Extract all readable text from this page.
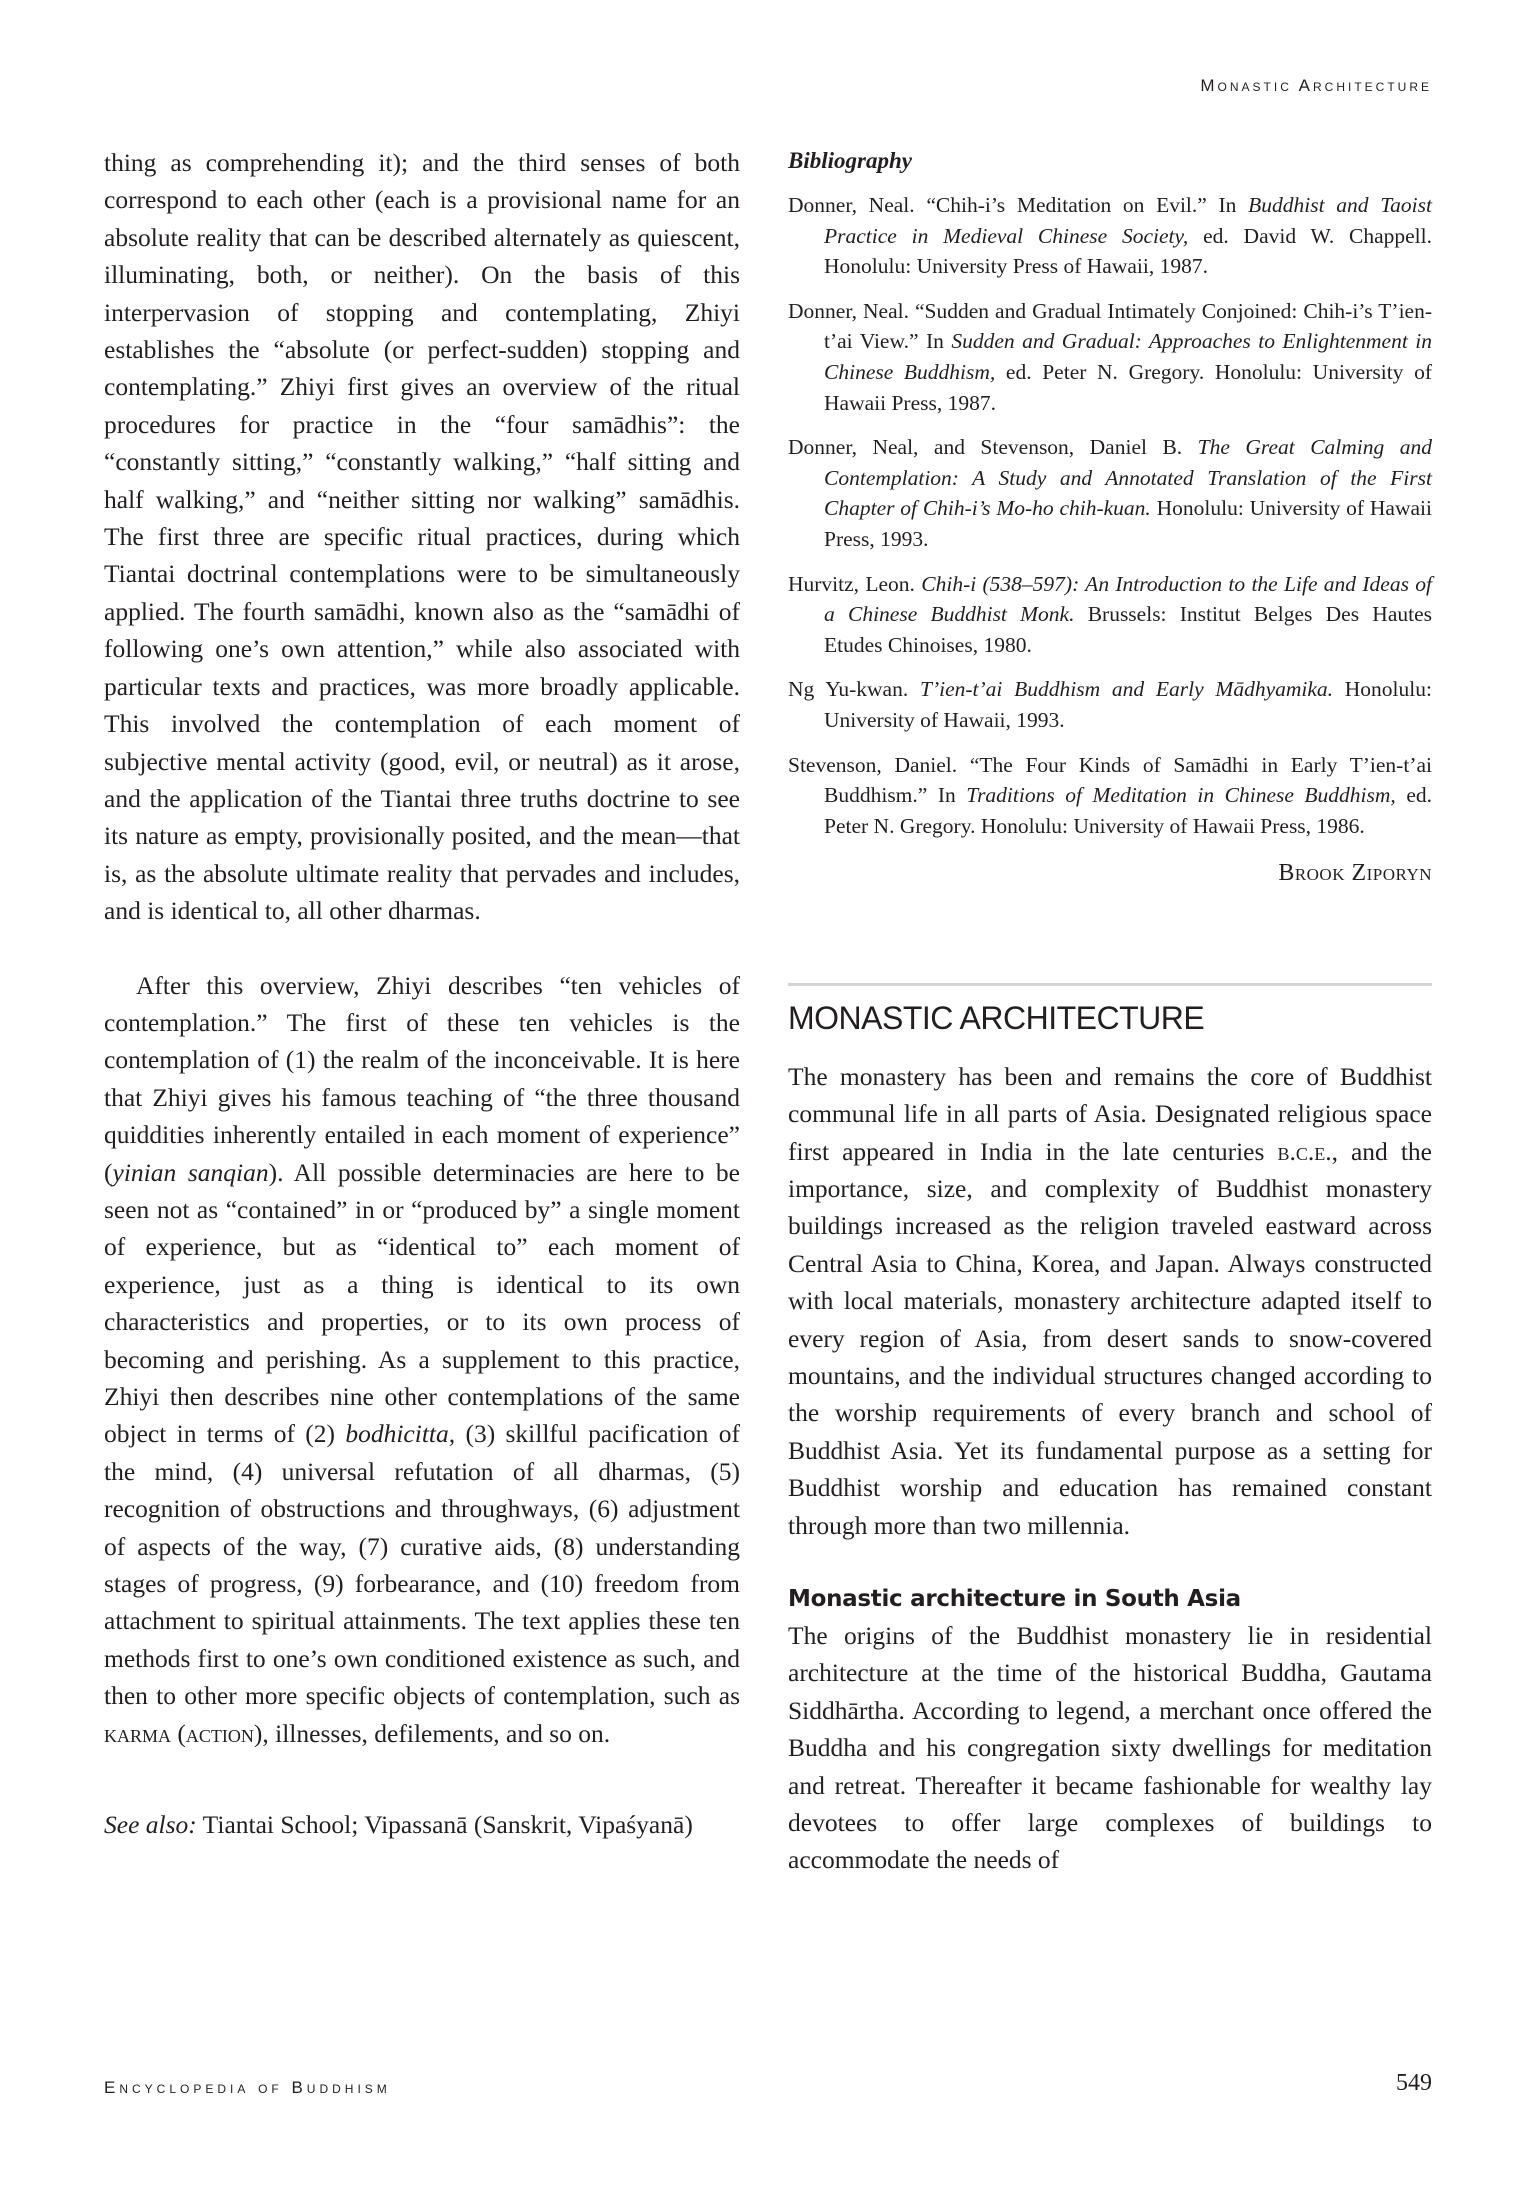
Monastic Architecture

thing as comprehending it); and the third senses of both correspond to each other (each is a provisional name for an absolute reality that can be described alternately as quiescent, illuminating, both, or neither). On the basis of this interpervasion of stopping and contemplating, Zhiyi establishes the “absolute (or perfect-sudden) stopping and contemplating.” Zhiyi first gives an overview of the ritual procedures for practice in the “four samādhis”: the “constantly sitting,” “constantly walking,” “half sitting and half walking,” and “neither sitting nor walking” samādhis. The first three are specific ritual practices, during which Tiantai doctrinal contemplations were to be simultaneously applied. The fourth samādhi, known also as the “samādhi of following one’s own attention,” while also associated with particular texts and practices, was more broadly applicable. This involved the contemplation of each moment of subjective mental activity (good, evil, or neutral) as it arose, and the application of the Tiantai three truths doctrine to see its nature as empty, provisionally posited, and the mean—that is, as the absolute ultimate reality that pervades and includes, and is identical to, all other dharmas.

After this overview, Zhiyi describes “ten vehicles of contemplation.” The first of these ten vehicles is the contemplation of (1) the realm of the inconceivable. It is here that Zhiyi gives his famous teaching of “the three thousand quiddities inherently entailed in each moment of experience” (yinian sanqian). All possible determinacies are here to be seen not as “contained” in or “produced by” a single moment of experience, but as “identical to” each moment of experience, just as a thing is identical to its own characteristics and properties, or to its own process of becoming and perishing. As a supplement to this practice, Zhiyi then describes nine other contemplations of the same object in terms of (2) bodhicitta, (3) skillful pacification of the mind, (4) universal refutation of all dharmas, (5) recognition of obstructions and throughways, (6) adjustment of aspects of the way, (7) curative aids, (8) understanding stages of progress, (9) forbearance, and (10) freedom from attachment to spiritual attainments. The text applies these ten methods first to one’s own conditioned existence as such, and then to other more specific objects of contemplation, such as karma (action), illnesses, defilements, and so on.

See also: Tiantai School; Vipassanā (Sanskrit, Vipaśyanā)

Bibliography

Donner, Neal. “Chih-i’s Meditation on Evil.” In Buddhist and Taoist Practice in Medieval Chinese Society, ed. David W. Chappell. Honolulu: University Press of Hawaii, 1987.

Donner, Neal. “Sudden and Gradual Intimately Conjoined: Chih-i’s T’ien-t’ai View.” In Sudden and Gradual: Approaches to Enlightenment in Chinese Buddhism, ed. Peter N. Gregory. Honolulu: University of Hawaii Press, 1987.

Donner, Neal, and Stevenson, Daniel B. The Great Calming and Contemplation: A Study and Annotated Translation of the First Chapter of Chih-i’s Mo-ho chih-kuan. Honolulu: University of Hawaii Press, 1993.

Hurvitz, Leon. Chih-i (538–597): An Introduction to the Life and Ideas of a Chinese Buddhist Monk. Brussels: Institut Belges Des Hautes Etudes Chinoises, 1980.

Ng Yu-kwan. T’ien-t’ai Buddhism and Early Mādhyamika. Honolulu: University of Hawaii, 1993.

Stevenson, Daniel. “The Four Kinds of Samādhi in Early T’ien-t’ai Buddhism.” In Traditions of Meditation in Chinese Buddhism, ed. Peter N. Gregory. Honolulu: University of Hawaii Press, 1986.

Brook Ziporyn
MONASTIC ARCHITECTURE

The monastery has been and remains the core of Buddhist communal life in all parts of Asia. Designated religious space first appeared in India in the late centuries b.c.e., and the importance, size, and complexity of Buddhist monastery buildings increased as the religion traveled eastward across Central Asia to China, Korea, and Japan. Always constructed with local materials, monastery architecture adapted itself to every region of Asia, from desert sands to snow-covered mountains, and the individual structures changed according to the worship requirements of every branch and school of Buddhist Asia. Yet its fundamental purpose as a setting for Buddhist worship and education has remained constant through more than two millennia.

Monastic architecture in South Asia

The origins of the Buddhist monastery lie in residential architecture at the time of the historical Buddha, Gautama Siddhārtha. According to legend, a merchant once offered the Buddha and his congregation sixty dwellings for meditation and retreat. Thereafter it became fashionable for wealthy lay devotees to offer large complexes of buildings to accommodate the needs of

Encyclopedia of Buddhism	549
